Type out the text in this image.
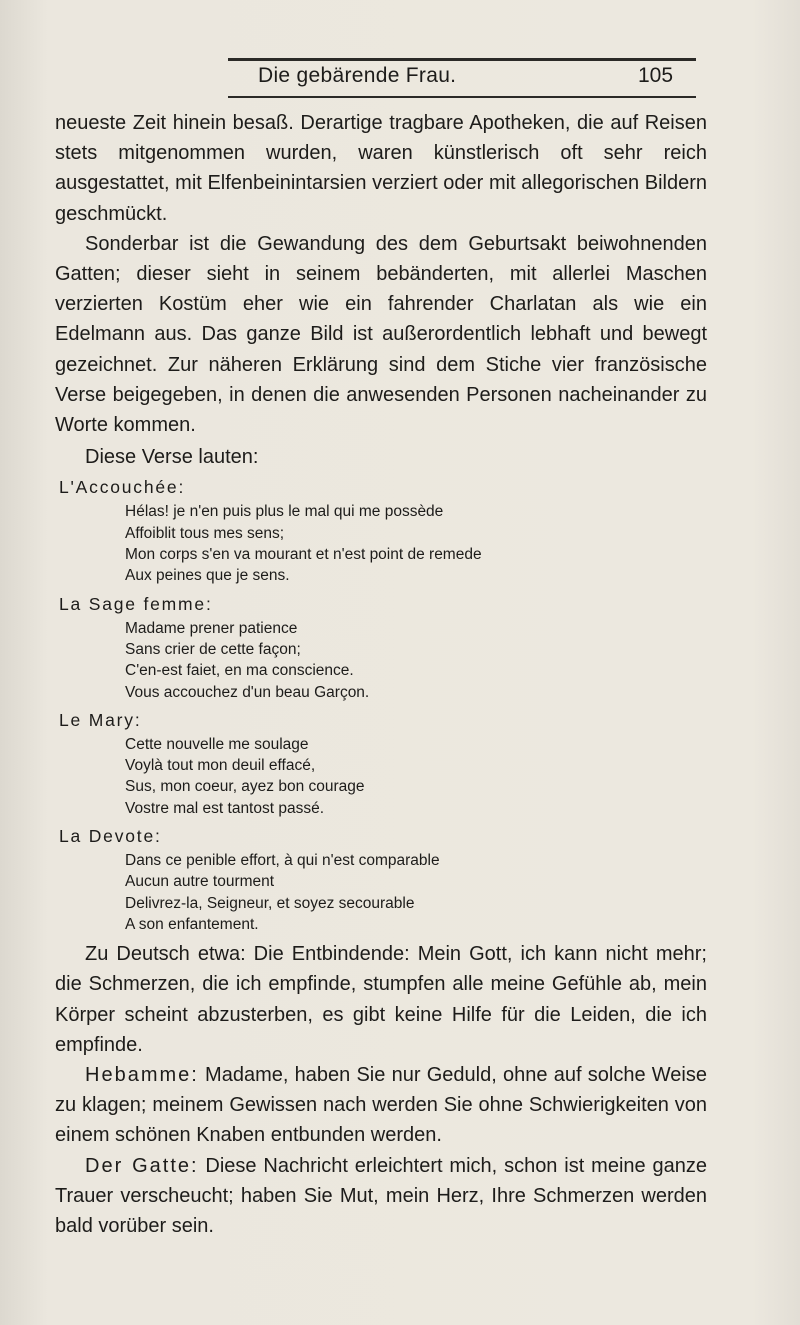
Die gebärende Frau.	105

neueste Zeit hinein besaß. Derartige tragbare Apotheken, die auf Reisen stets mitgenommen wurden, waren künstlerisch oft sehr reich ausgestattet, mit Elfenbeinintarsien verziert oder mit allegorischen Bildern geschmückt.

Sonderbar ist die Gewandung des dem Geburtsakt beiwohnenden Gatten; dieser sieht in seinem bebänderten, mit allerlei Maschen verzierten Kostüm eher wie ein fahrender Charlatan als wie ein Edelmann aus. Das ganze Bild ist außerordentlich lebhaft und bewegt gezeichnet. Zur näheren Erklärung sind dem Stiche vier französische Verse beigegeben, in denen die anwesenden Personen nacheinander zu Worte kommen.

Diese Verse lauten:

L'Accouchée:
Hélas! je n'en puis plus le mal qui me possède
Affoiblit tous mes sens;
Mon corps s'en va mourant et n'est point de remede
Aux peines que je sens.
La Sage femme:
Madame prener patience
Sans crier de cette façon;
C'en-est faiet, en ma conscience.
Vous accouchez d'un beau Garçon.
Le Mary:
Cette nouvelle me soulage
Voylà tout mon deuil effacé,
Sus, mon coeur, ayez bon courage
Vostre mal est tantost passé.
La Devote:
Dans ce penible effort, à qui n'est comparable
Aucun autre tourment
Delivrez-la, Seigneur, et soyez secourable
A son enfantement.

Zu Deutsch etwa: Die Entbindende: Mein Gott, ich kann nicht mehr; die Schmerzen, die ich empfinde, stumpfen alle meine Gefühle ab, mein Körper scheint abzusterben, es gibt keine Hilfe für die Leiden, die ich empfinde.

Hebamme: Madame, haben Sie nur Geduld, ohne auf solche Weise zu klagen; meinem Gewissen nach werden Sie ohne Schwierigkeiten von einem schönen Knaben entbunden werden.

Der Gatte: Diese Nachricht erleichtert mich, schon ist meine ganze Trauer verscheucht; haben Sie Mut, mein Herz, Ihre Schmerzen werden bald vorüber sein.
